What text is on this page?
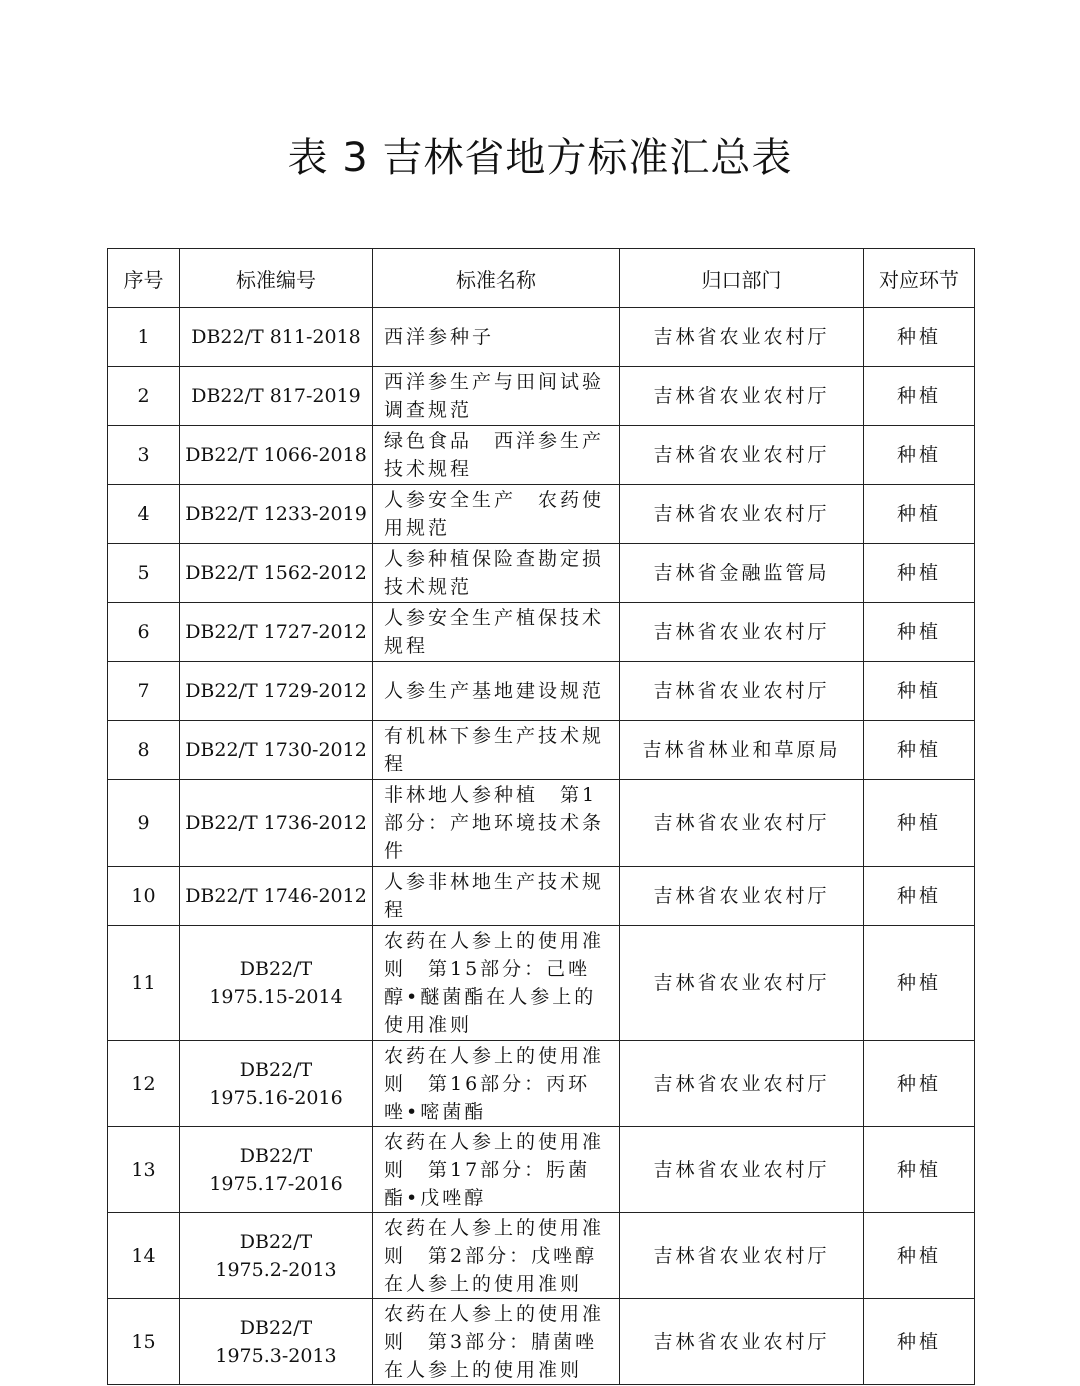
表 3 吉林省地方标准汇总表
序号	标准编号	标准名称	归口部门	对应环节
1	DB22/T 811-2018	西洋参种子	吉林省农业农村厅	种植
2	DB22/T 817-2019	西洋参生产与田间试验调查规范	吉林省农业农村厅	种植
3	DB22/T 1066-2018	绿色食品　西洋参生产技术规程	吉林省农业农村厅	种植
4	DB22/T 1233-2019	人参安全生产　农药使用规范	吉林省农业农村厅	种植
5	DB22/T 1562-2012	人参种植保险查勘定损技术规范	吉林省金融监管局	种植
6	DB22/T 1727-2012	人参安全生产植保技术规程	吉林省农业农村厅	种植
7	DB22/T 1729-2012	人参生产基地建设规范	吉林省农业农村厅	种植
8	DB22/T 1730-2012	有机林下参生产技术规程	吉林省林业和草原局	种植
9	DB22/T 1736-2012	非林地人参种植　第1部分：产地环境技术条件	吉林省农业农村厅	种植
10	DB22/T 1746-2012	人参非林地生产技术规程	吉林省农业农村厅	种植
11	DB22/T
1975.15-2014	农药在人参上的使用准则　第15部分：己唑醇•醚菌酯在人参上的使用准则	吉林省农业农村厅	种植
12	DB22/T
1975.16-2016	农药在人参上的使用准则　第16部分：丙环唑•嘧菌酯	吉林省农业农村厅	种植
13	DB22/T
1975.17-2016	农药在人参上的使用准则　第17部分：肟菌酯•戊唑醇	吉林省农业农村厅	种植
14	DB22/T
1975.2-2013	农药在人参上的使用准则　第2部分：戊唑醇在人参上的使用准则	吉林省农业农村厅	种植
15	DB22/T
1975.3-2013	农药在人参上的使用准则　第3部分：腈菌唑在人参上的使用准则	吉林省农业农村厅	种植
